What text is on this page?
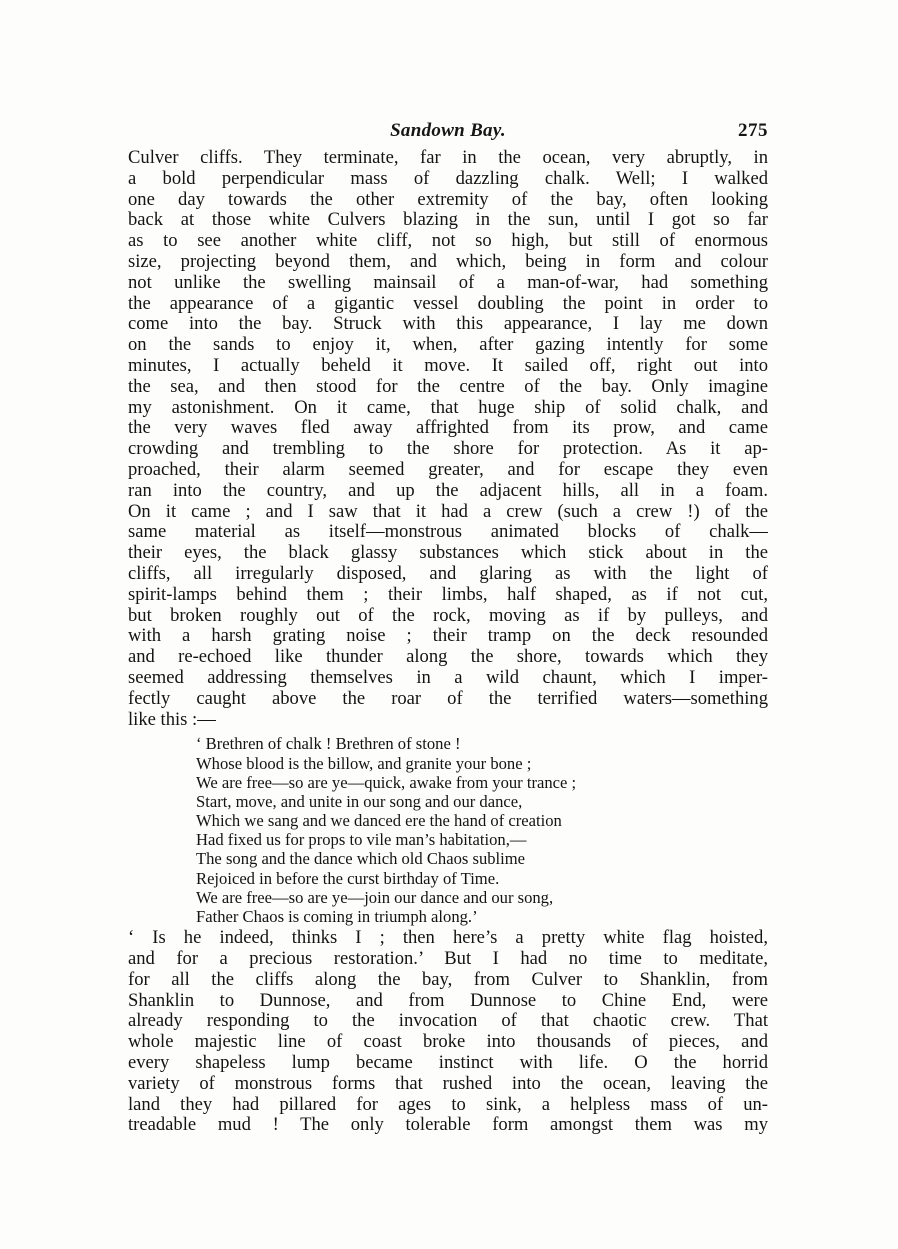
Sandown Bay.	275
Culver cliffs. They terminate, far in the ocean, very abruptly, in
a bold perpendicular mass of dazzling chalk. Well; I walked
one day towards the other extremity of the bay, often looking
back at those white Culvers blazing in the sun, until I got so far
as to see another white cliff, not so high, but still of enormous
size, projecting beyond them, and which, being in form and colour
not unlike the swelling mainsail of a man-of-war, had something
the appearance of a gigantic vessel doubling the point in order to
come into the bay. Struck with this appearance, I lay me down
on the sands to enjoy it, when, after gazing intently for some
minutes, I actually beheld it move. It sailed off, right out into
the sea, and then stood for the centre of the bay. Only imagine
my astonishment. On it came, that huge ship of solid chalk, and
the very waves fled away affrighted from its prow, and came
crowding and trembling to the shore for protection. As it ap-
proached, their alarm seemed greater, and for escape they even
ran into the country, and up the adjacent hills, all in a foam.
On it came ; and I saw that it had a crew (such a crew !) of the
same material as itself—monstrous animated blocks of chalk—
their eyes, the black glassy substances which stick about in the
cliffs, all irregularly disposed, and glaring as with the light of
spirit-lamps behind them ; their limbs, half shaped, as if not cut,
but broken roughly out of the rock, moving as if by pulleys, and
with a harsh grating noise ; their tramp on the deck resounded
and re-echoed like thunder along the shore, towards which they
seemed addressing themselves in a wild chaunt, which I imper-
fectly caught above the roar of the terrified waters—something
like this :—
‘ Brethren of chalk ! Brethren of stone !
Whose blood is the billow, and granite your bone ;
We are free—so are ye—quick, awake from your trance ;
Start, move, and unite in our song and our dance,
Which we sang and we danced ere the hand of creation
Had fixed us for props to vile man’s habitation,—
The song and the dance which old Chaos sublime
Rejoiced in before the curst birthday of Time.
We are free—so are ye—join our dance and our song,
Father Chaos is coming in triumph along.’
‘ Is he indeed, thinks I ; then here’s a pretty white flag hoisted,
and for a precious restoration.’ But I had no time to meditate,
for all the cliffs along the bay, from Culver to Shanklin, from
Shanklin to Dunnose, and from Dunnose to Chine End, were
already responding to the invocation of that chaotic crew. That
whole majestic line of coast broke into thousands of pieces, and
every shapeless lump became instinct with life. O the horrid
variety of monstrous forms that rushed into the ocean, leaving the
land they had pillared for ages to sink, a helpless mass of un-
treadable mud ! The only tolerable form amongst them was my
